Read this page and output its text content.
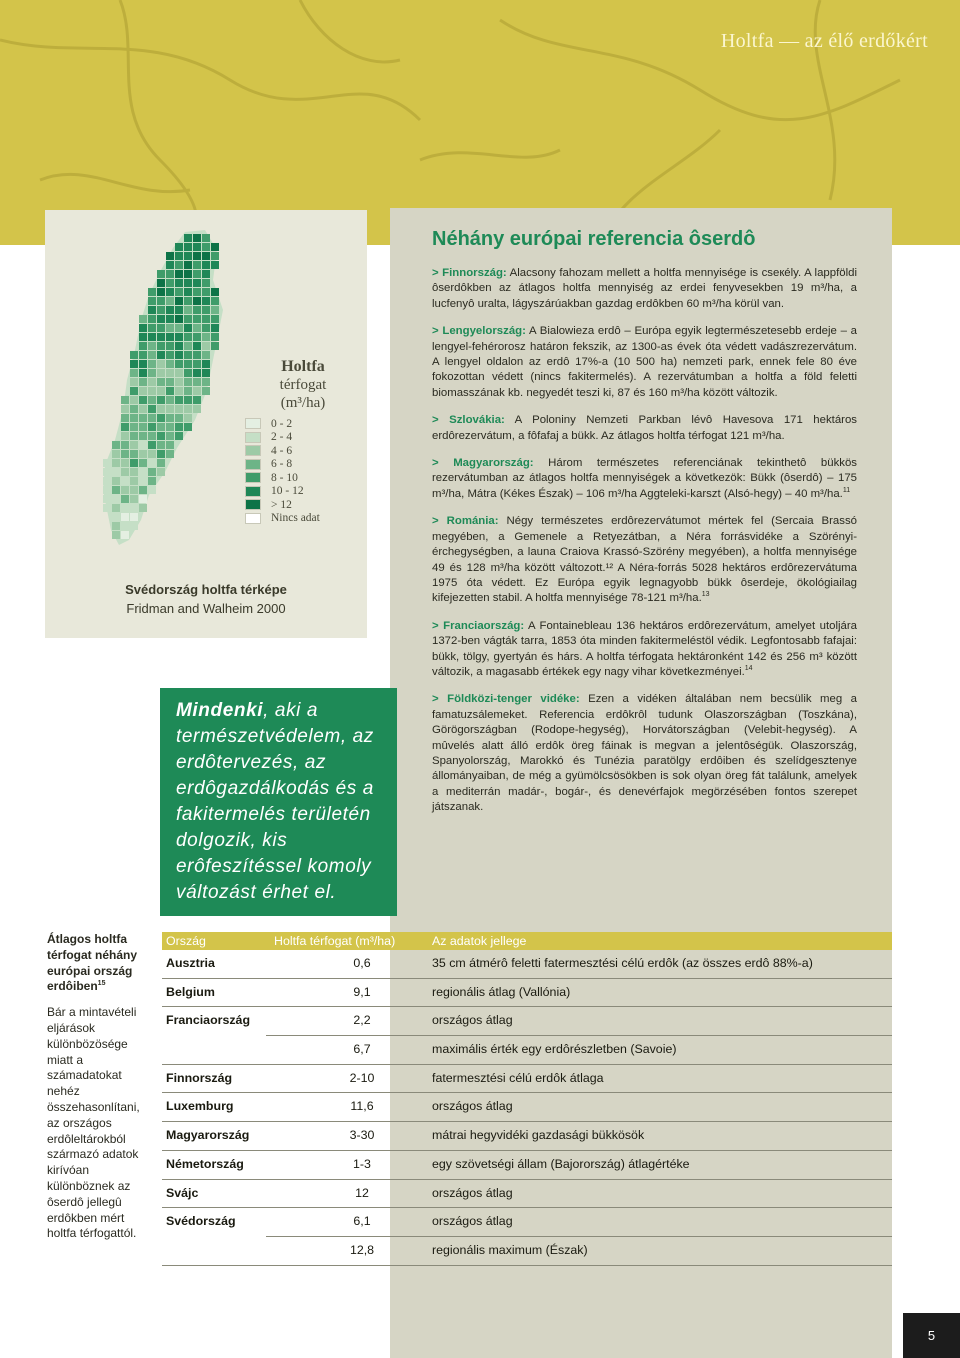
Holtfa — az élő erdőkért
Holtfa
térfogat
(m³/ha)
0 - 2
2 - 4
4 - 6
6 - 8
8 - 10
10 - 12
> 12
Nincs adat
Svédország holtfa térképe
Fridman and Walheim 2000
Mindenki, aki a természetvédelem, az erdôtervezés, az erdôgazdálkodás és a fakitermelés területén dolgozik, kis erôfeszítéssel komoly változást érhet el.
Néhány európai referencia ôserdô

> Finnország: Alacsony fahozam mellett a holtfa mennyisége is cseкély. A lappföldi ôserdôkben az átlagos holtfa mennyiség az erdei fenyvesekben 19 m³/ha, a lucfenyô uralta, lágyszárúakban gazdag erdôkben 60 m³/ha körül van.

> Lengyelország: A Bialowieza erdô – Európa egyik legtermészetesebb erdeje – a lengyel-fehérorosz határon fekszik, az 1300-as évek óta védett vadászrezervátum. A lengyel oldalon az erdô 17%-a (10 500 ha) nemzeti park, ennek fele 80 éve fokozottan védett (nincs fakitermelés). A rezervátumban a holtfa a föld feletti biomasszának kb. negyedét teszi ki, 87 és 160 m³/ha között változik.

> Szlovákia: A Poloniny Nemzeti Parkban lévô Havesova 171 hektáros erdôrezervátum, a fôfafaj a bükk. Az átlagos holtfa térfogat 121 m³/ha.

> Magyarország: Három természetes referenciának tekinthetô bükkös rezervátumban az átlagos holtfa mennyiségek a következök: Bükk (ôserdô) – 175 m³/ha, Mátra (Kékes Észak) – 106 m³/ha Aggteleki-karszt (Alsó-hegy) – 40 m³/ha.$^{11}$

> Románia: Négy természetes erdôrezervátumot mértek fel (Sercaia Brassó megyében, a Gemenele a Retyezátban, a Néra forrásvidéke a Szörényi-érchegységben, a launa Craiova Krassó-Szörény megyében), a holtfa mennyisége 49 és 128 m³/ha között változott.¹² A Néra-forrás 5028 hektáros erdôrezervátuma 1975 óta védett. Ez Európa egyik legnagyobb bükk ôserdeje, ökológiailag kifejezetten stabil. A holtfa mennyisége 78-121 m³/ha.$^{13}$

> Franciaország: A Fontainebleau 136 hektáros erdôrezervátum, amelyet utoljára 1372-ben vágták tarra, 1853 óta minden fakitermeléstöl védik. Legfontosabb fafajai: bükk, tölgy, gyertyán és hárs. A holtfa térfogata hektáronként 142 és 256 m³ között változik, a magasabb értékek egy nagy vihar következményei.$^{14}$

> Földközi-tenger vidéke: Ezen a vidéken általában nem becsülik meg a famatuzsálemeket. Referencia erdôkrôl tudunk Olaszországban (Toszkána), Görögországban (Rodope-hegység), Horvátországban (Velebit-hegység). A mûvelés alatt álló erdôk öreg fáinak is megvan a jelentôségük. Olaszország, Spanyolország, Marokkó és Tunézia paratölgy erdôiben és szelídgesztenye állományaiban, de még a gyümölcsösökben is sok olyan öreg fát találunk, amelyek a mediterrán madár-, bogár-, és denevérfajok megörzésében fontos szerepet játszanak.

Átlagos holtfa térfogat néhány európai ország erdôiben$^{15}$
Bár a mintavételi eljárások különbözösége miatt a számadatokat nehéz összehasonlítani, az országos erdôleltárokból származó adatok kirívóan különböznek az ôserdô jellegû erdôkben mért holtfa térfogattól.
Ország	Holtfa térfogat (m³/ha)	Az adatok jellege
Ausztria	0,6	35 cm átmérô feletti fatermesztési célú erdôk (az összes erdô 88%-a)
Belgium	9,1	regionális átlag (Vallónia)
Franciaország	2,2	országos átlag
6,7	maximális érték egy erdôrészletben (Savoie)
Finnország	2-10	fatermesztési célú erdôk átlaga
Luxemburg	11,6	országos átlag
Magyarország	3-30	mátrai hegyvidéki gazdasági bükkösök
Németország	1-3	egy szövetségi állam (Bajorország) átlagértéke
Svájc	12	országos átlag
Svédország	6,1	országos átlag
12,8	regionális maximum (Észak)
5
